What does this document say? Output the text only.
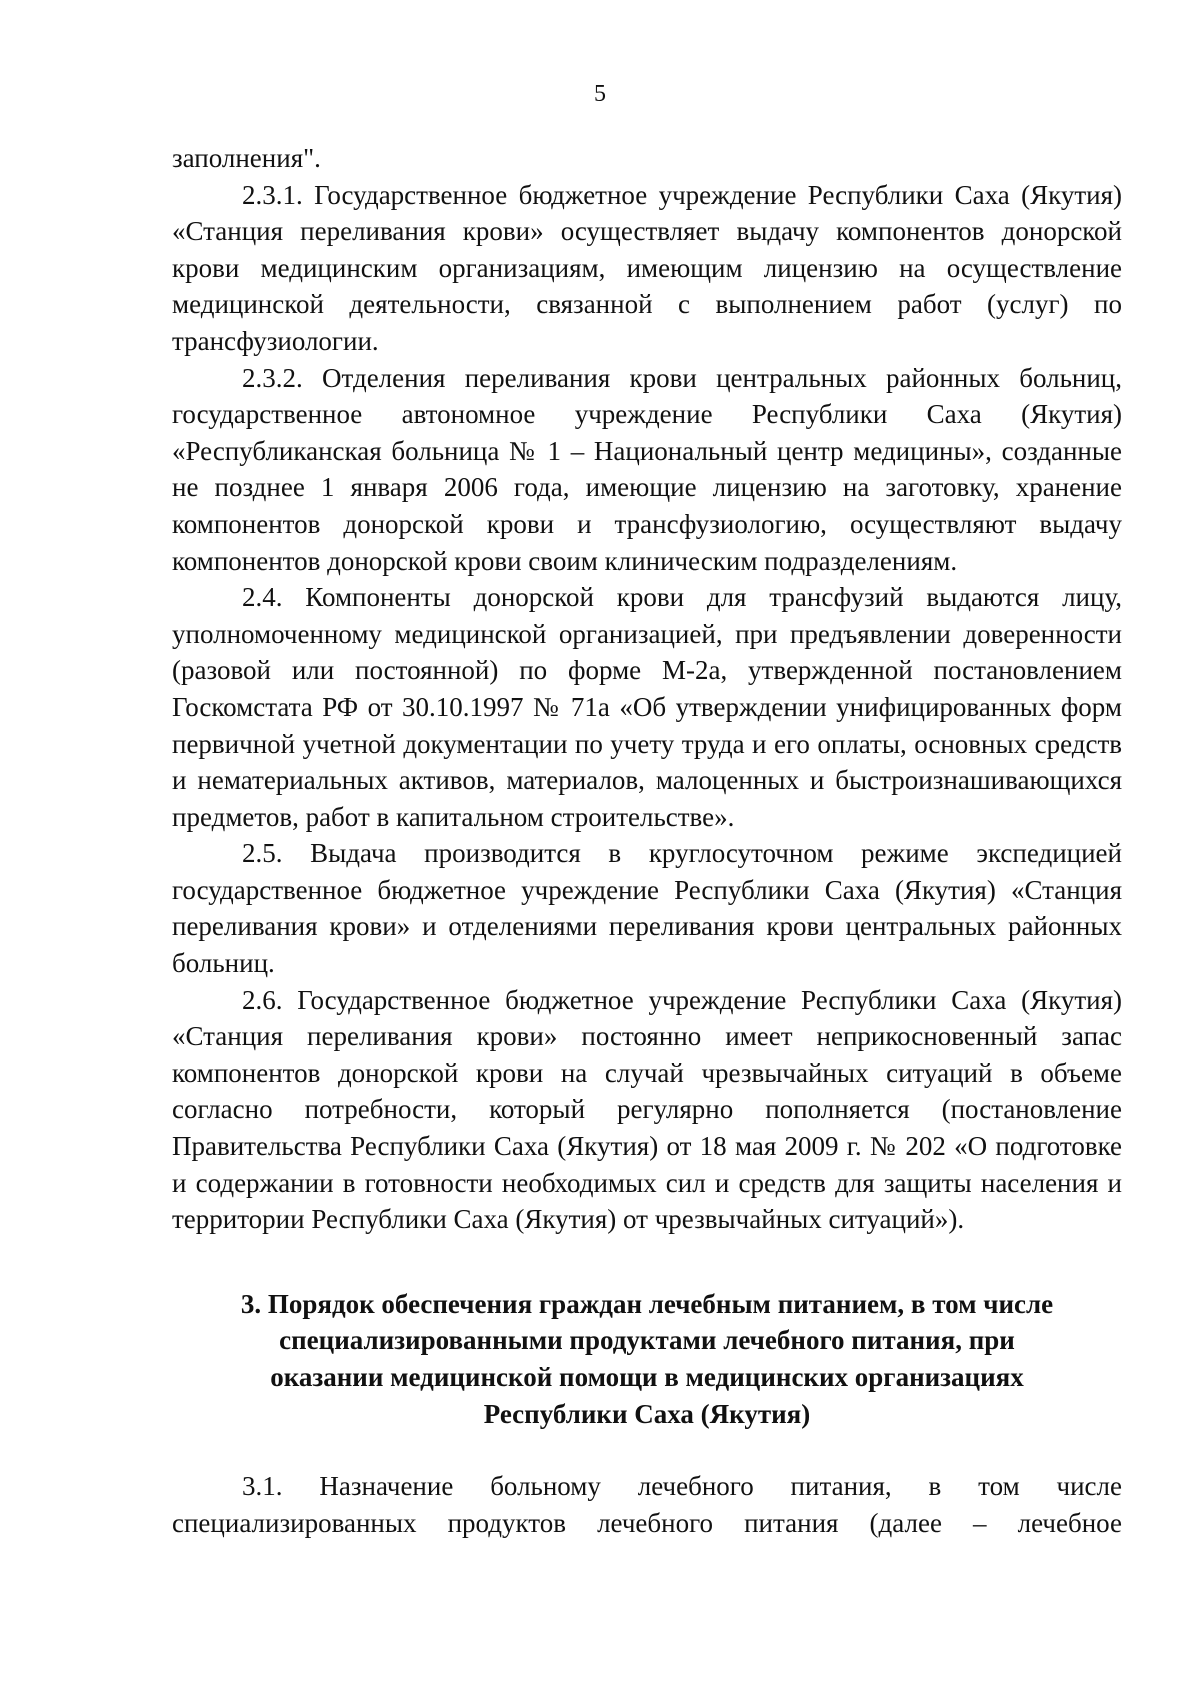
5

заполнения".

2.3.1. Государственное бюджетное учреждение Республики Саха (Якутия) «Станция переливания крови» осуществляет выдачу компонентов донорской крови медицинским организациям, имеющим лицензию на осуществление медицинской деятельности, связанной с выполнением работ (услуг) по трансфузиологии.

2.3.2. Отделения переливания крови центральных районных больниц, государственное автономное учреждение Республики Саха (Якутия) «Республиканская больница № 1 – Национальный центр медицины», созданные не позднее 1 января 2006 года, имеющие лицензию на заготовку, хранение компонентов донорской крови и трансфузиологию, осуществляют выдачу компонентов донорской крови своим клиническим подразделениям.

2.4. Компоненты донорской крови для трансфузий выдаются лицу, уполномоченному медицинской организацией, при предъявлении доверенности (разовой или постоянной) по форме М-2а, утвержденной постановлением Госкомстата РФ от 30.10.1997 № 71а «Об утверждении унифицированных форм первичной учетной документации по учету труда и его оплаты, основных средств и нематериальных активов, материалов, малоценных и быстроизнашивающихся предметов, работ в капитальном строительстве».

2.5. Выдача производится в круглосуточном режиме экспедицией государственное бюджетное учреждение Республики Саха (Якутия) «Станция переливания крови» и отделениями переливания крови центральных районных больниц.

2.6. Государственное бюджетное учреждение Республики Саха (Якутия) «Станция переливания крови» постоянно имеет неприкосновенный запас компонентов донорской крови на случай чрезвычайных ситуаций в объеме согласно потребности, который регулярно пополняется (постановление Правительства Республики Саха (Якутия) от 18 мая 2009 г. № 202 «О подготовке и содержании в готовности необходимых сил и средств для защиты населения и территории Республики Саха (Якутия) от чрезвычайных ситуаций»).

3. Порядок обеспечения граждан лечебным питанием, в том числе специализированными продуктами лечебного питания, при оказании медицинской помощи в медицинских организациях Республики Саха (Якутия)

3.1. Назначение больному лечебного питания, в том числе специализированных продуктов лечебного питания (далее – лечебное
